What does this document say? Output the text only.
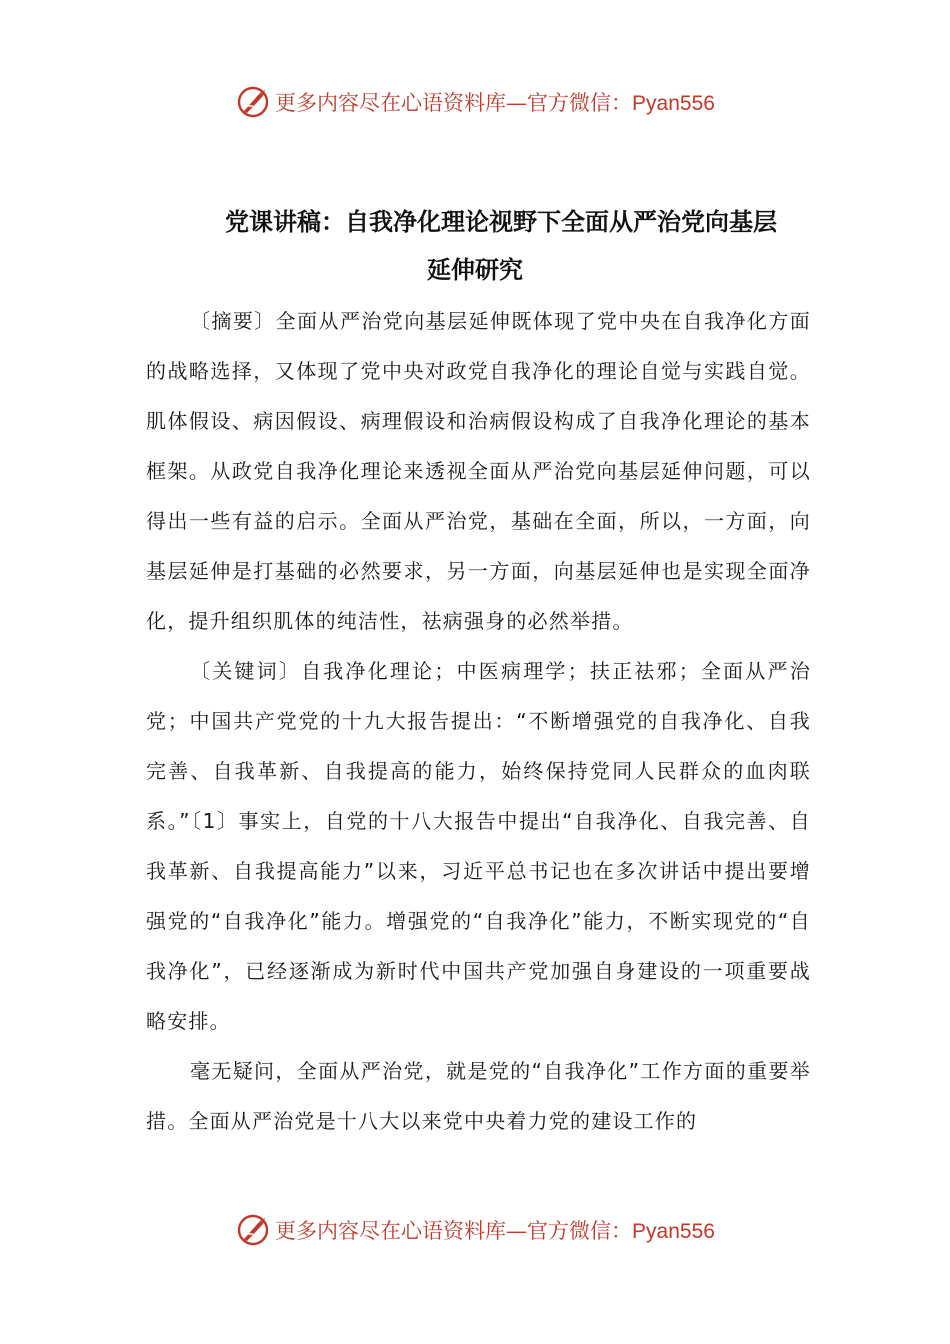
更多内容尽在心语资料库—官方微信：Pyan556
党课讲稿：自我净化理论视野下全面从严治党向基层
延伸研究

〔摘要〕全面从严治党向基层延伸既体现了党中央在自我净化方面的战略选择，又体现了党中央对政党自我净化的理论自觉与实践自觉。肌体假设、病因假设、病理假设和治病假设构成了自我净化理论的基本框架。从政党自我净化理论来透视全面从严治党向基层延伸问题，可以得出一些有益的启示。全面从严治党，基础在全面，所以，一方面，向基层延伸是打基础的必然要求，另一方面，向基层延伸也是实现全面净化，提升组织肌体的纯洁性，祛病强身的必然举措。

〔关键词〕自我净化理论；中医病理学；扶正祛邪；全面从严治党；中国共产党党的十九大报告提出：“不断增强党的自我净化、自我完善、自我革新、自我提高的能力，始终保持党同人民群众的血肉联系。”〔1〕事实上，自党的十八大报告中提出“自我净化、自我完善、自我革新、自我提高能力”以来，习近平总书记也在多次讲话中提出要增强党的“自我净化”能力。增强党的“自我净化”能力，不断实现党的“自我净化”，已经逐渐成为新时代中国共产党加强自身建设的一项重要战略安排。

毫无疑问，全面从严治党，就是党的“自我净化”工作方面的重要举措。全面从严治党是十八大以来党中央着力党的建设工作的

更多内容尽在心语资料库—官方微信：Pyan556
